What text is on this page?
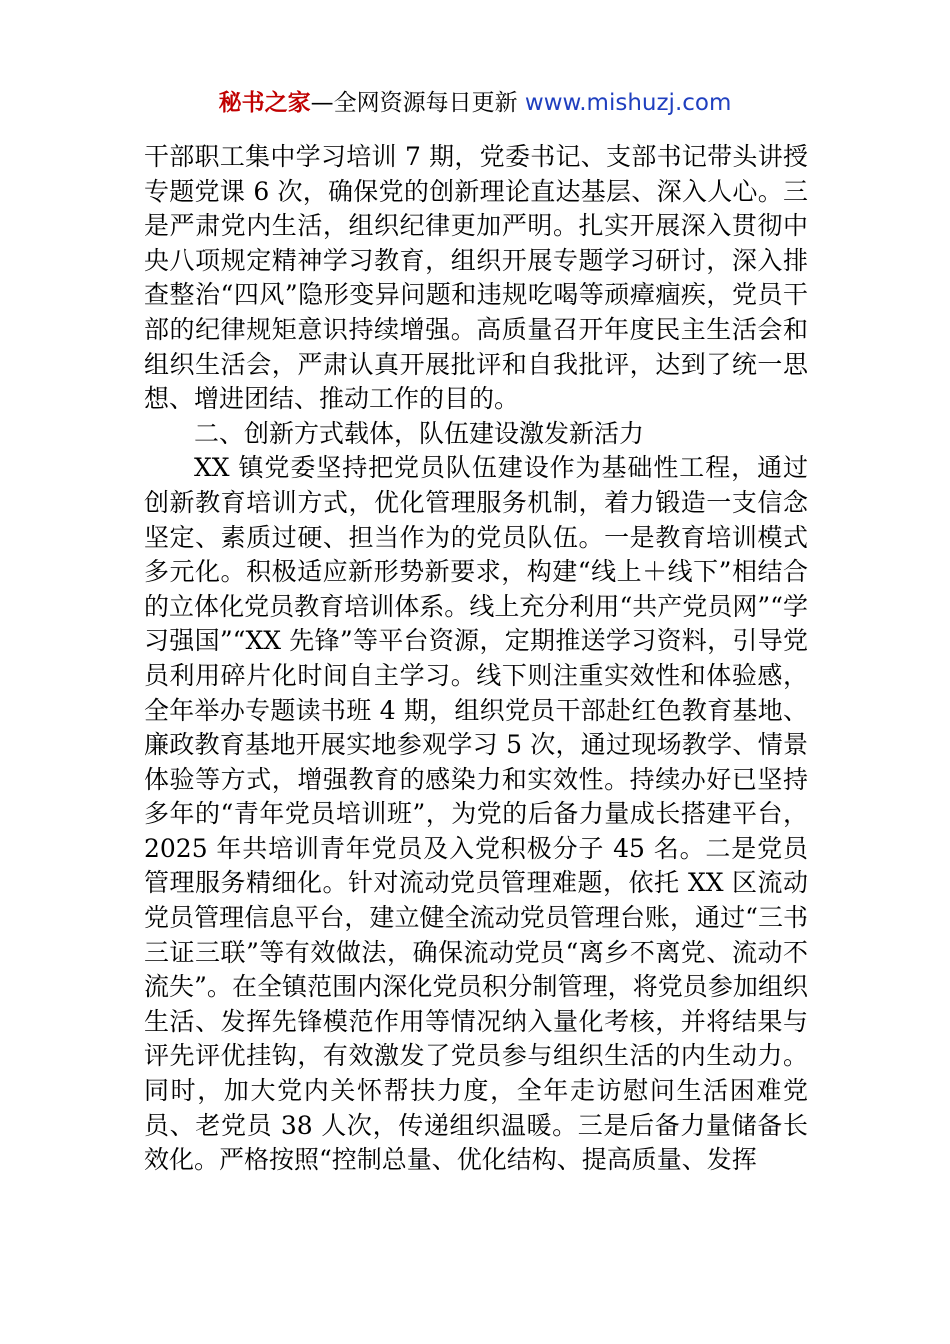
秘书之家—全网资源每日更新 www.mishuzj.com

干部职工集中学习培训 7 期，党委书记、支部书记带头讲授专题党课 6 次，确保党的创新理论直达基层、深入人心。三是严肃党内生活，组织纪律更加严明。扎实开展深入贯彻中央八项规定精神学习教育，组织开展专题学习研讨，深入排查整治“四风”隐形变异问题和违规吃喝等顽瘴痼疾，党员干部的纪律规矩意识持续增强。高质量召开年度民主生活会和组织生活会，严肃认真开展批评和自我批评，达到了统一思想、增进团结、推动工作的目的。

二、创新方式载体，队伍建设激发新活力

XX 镇党委坚持把党员队伍建设作为基础性工程，通过创新教育培训方式，优化管理服务机制，着力锻造一支信念坚定、素质过硬、担当作为的党员队伍。一是教育培训模式多元化。积极适应新形势新要求，构建“线上＋线下”相结合的立体化党员教育培训体系。线上充分利用“共产党员网”“学习强国”“XX 先锋”等平台资源，定期推送学习资料，引导党员利用碎片化时间自主学习。线下则注重实效性和体验感，全年举办专题读书班 4 期，组织党员干部赴红色教育基地、廉政教育基地开展实地参观学习 5 次，通过现场教学、情景体验等方式，增强教育的感染力和实效性。持续办好已坚持多年的“青年党员培训班”，为党的后备力量成长搭建平台，2025 年共培训青年党员及入党积极分子 45 名。二是党员管理服务精细化。针对流动党员管理难题，依托 XX 区流动党员管理信息平台，建立健全流动党员管理台账，通过“三书三证三联”等有效做法，确保流动党员“离乡不离党、流动不流失”。在全镇范围内深化党员积分制管理，将党员参加组织生活、发挥先锋模范作用等情况纳入量化考核，并将结果与评先评优挂钩，有效激发了党员参与组织生活的内生动力。同时，加大党内关怀帮扶力度，全年走访慰问生活困难党员、老党员 38 人次，传递组织温暖。三是后备力量储备长效化。严格按照“控制总量、优化结构、提高质量、发挥
